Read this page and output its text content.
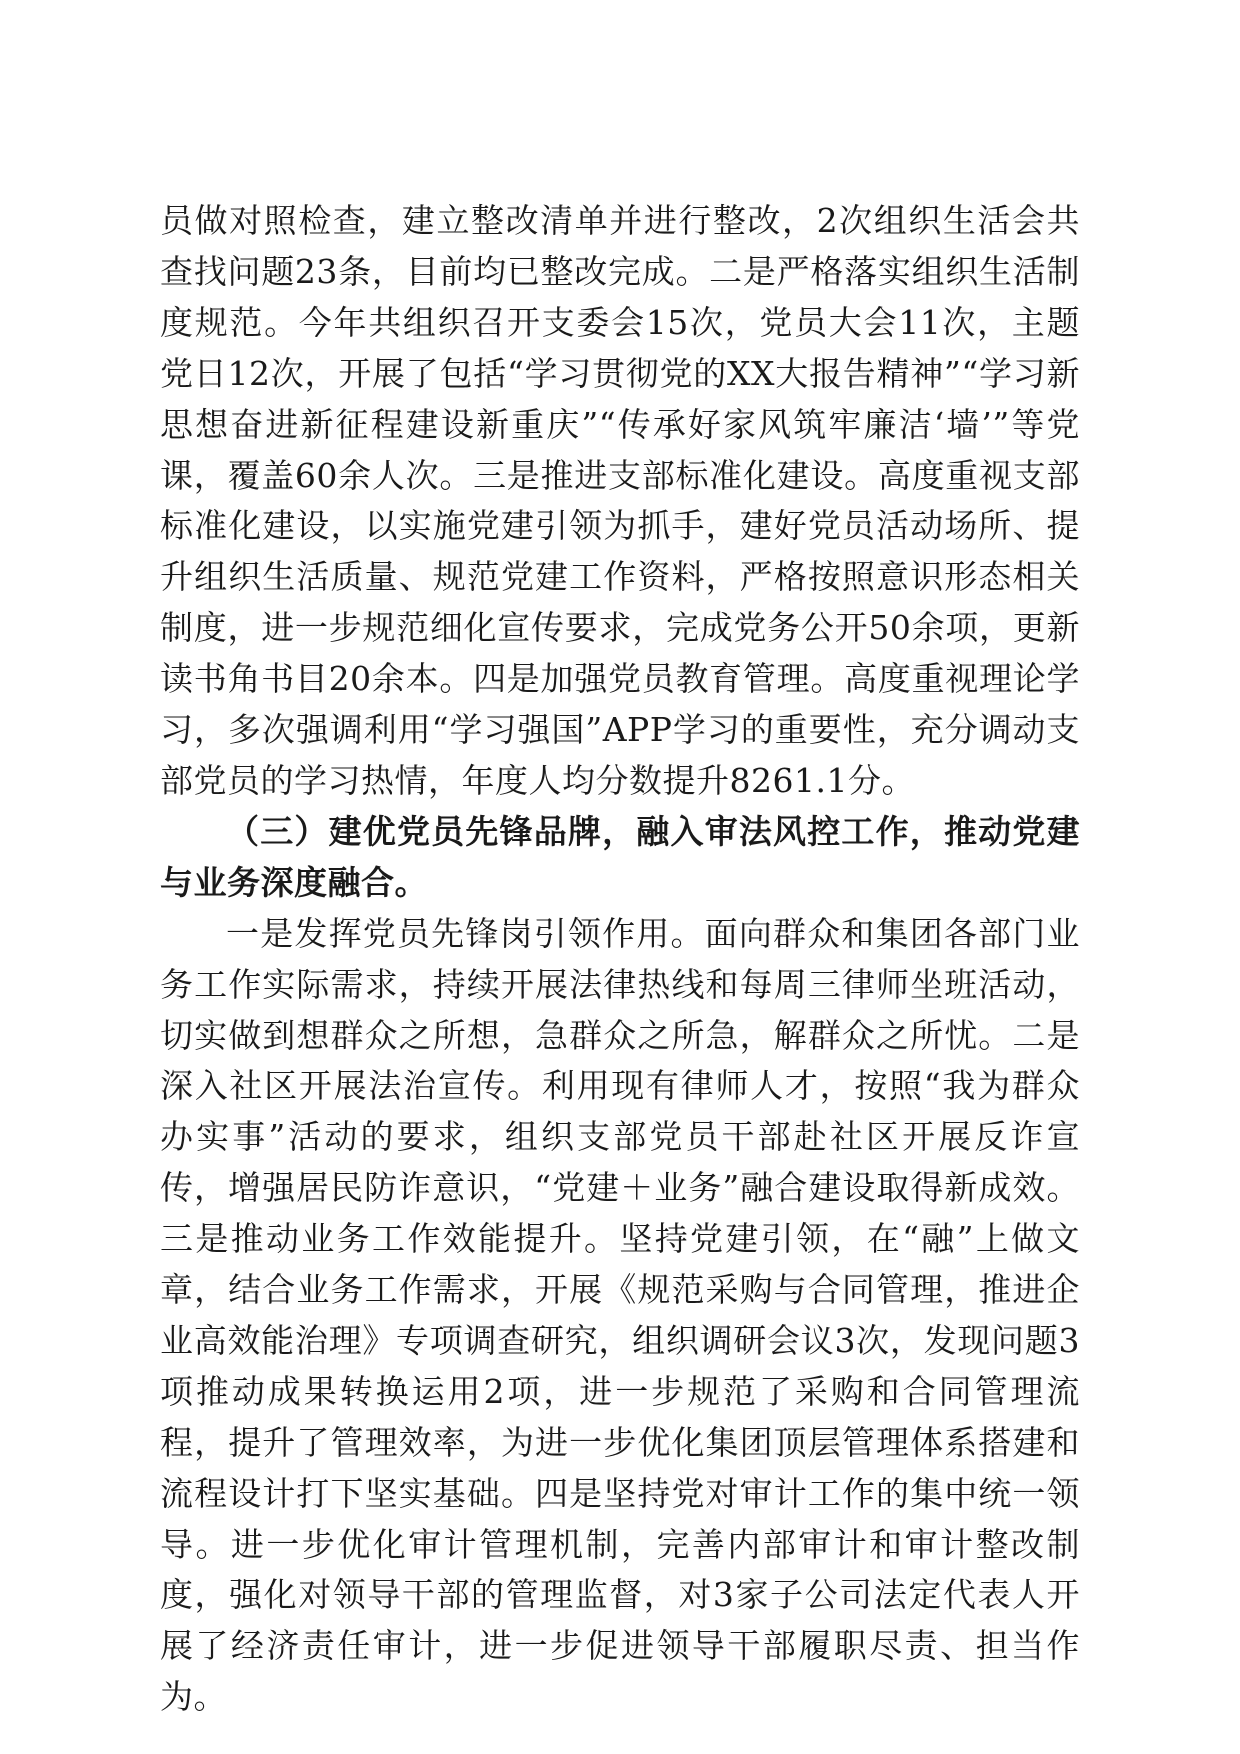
员做对照检查，建立整改清单并进行整改，2次组织生活会共查找问题23条，目前均已整改完成。二是严格落实组织生活制度规范。今年共组织召开支委会15次，党员大会11次，主题党日12次，开展了包括“学习贯彻党的XX大报告精神”“学习新思想奋进新征程建设新重庆”“传承好家风筑牢廉洁‘墙’”等党课，覆盖60余人次。三是推进支部标准化建设。高度重视支部标准化建设，以实施党建引领为抓手，建好党员活动场所、提升组织生活质量、规范党建工作资料，严格按照意识形态相关制度，进一步规范细化宣传要求，完成党务公开50余项，更新读书角书目20余本。四是加强党员教育管理。高度重视理论学习，多次强调利用“学习强国”APP学习的重要性，充分调动支部党员的学习热情，年度人均分数提升8261.1分。

（三）建优党员先锋品牌，融入审法风控工作，推动党建与业务深度融合。

一是发挥党员先锋岗引领作用。面向群众和集团各部门业务工作实际需求，持续开展法律热线和每周三律师坐班活动，切实做到想群众之所想，急群众之所急，解群众之所忧。二是深入社区开展法治宣传。利用现有律师人才，按照“我为群众办实事”活动的要求，组织支部党员干部赴社区开展反诈宣传，增强居民防诈意识，“党建＋业务”融合建设取得新成效。三是推动业务工作效能提升。坚持党建引领，在“融”上做文章，结合业务工作需求，开展《规范采购与合同管理，推进企业高效能治理》专项调查研究，组织调研会议3次，发现问题3项推动成果转换运用2项，进一步规范了采购和合同管理流程，提升了管理效率，为进一步优化集团顶层管理体系搭建和流程设计打下坚实基础。四是坚持党对审计工作的集中统一领导。进一步优化审计管理机制，完善内部审计和审计整改制度，强化对领导干部的管理监督，对3家子公司法定代表人开展了经济责任审计，进一步促进领导干部履职尽责、担当作为。
